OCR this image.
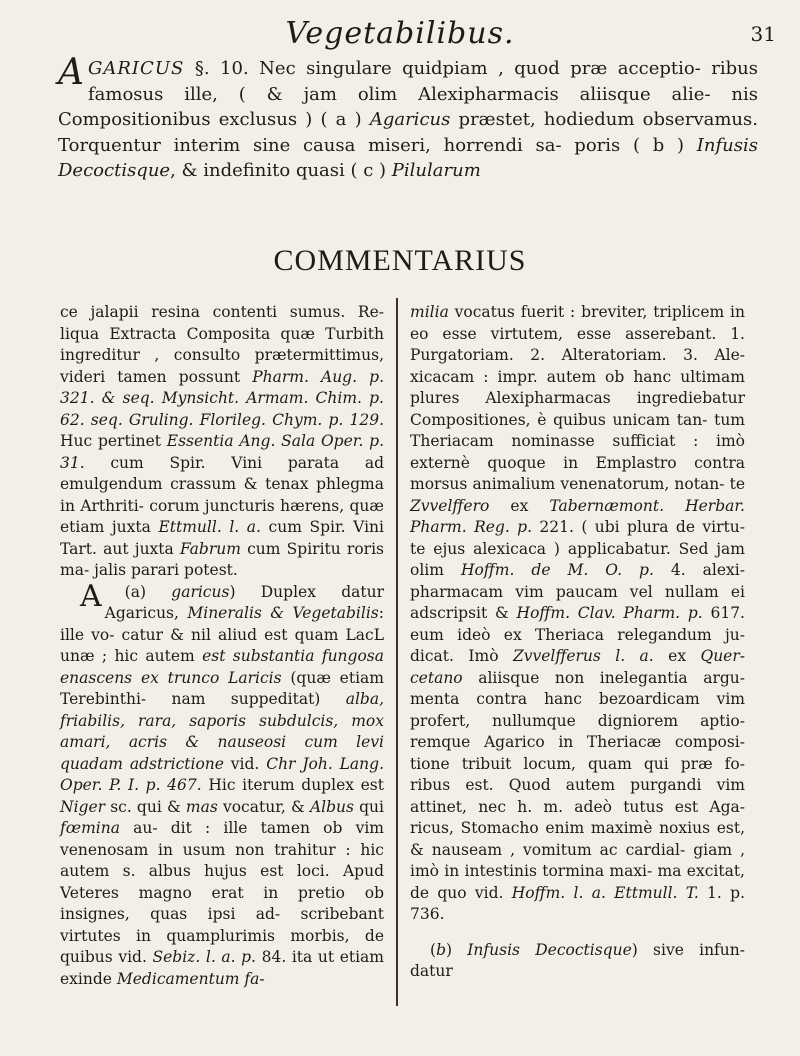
Vegetabilibus.	31
AGARICUS §. 10. Nec singulare quidpiam , quod præ acceptio- ribus famosus ille, ( & jam olim Alexipharmacis aliisque alie- nis Compositionibus exclusus ) ( a ) Agaricus præstet, hodiedum observamus. Torquentur interim sine causa miseri, horrendi sa- poris ( b ) Infusis Decoctisque, & indefinito quasi ( c ) Pilularum
COMMENTARIUS

ce jalapii resina contenti sumus. Re- liqua Extracta Composita quæ Turbith ingreditur , consulto prætermittimus, videri tamen possunt Pharm. Aug. p. 321. & seq. Mynsicht. Armam. Chim. p. 62. seq. Gruling. Florileg. Chym. p. 129. Huc pertinet Essentia Ang. Sala Oper. p. 31. cum Spir. Vini parata ad emulgendum crassum & tenax phlegma in Arthriti- corum juncturis hærens, quæ etiam juxta Ettmull. l. a. cum Spir. Vini Tart. aut juxta Fabrum cum Spiritu roris ma- jalis parari potest.

(a)
A	garicus) Duplex datur Agaricus, Mineralis & Vegetabilis: ille vo- catur & nil aliud est quam LacL unæ ; hic autem est substantia fungosa enascens ex trunco Laricis (quæ etiam Terebinthi- nam suppeditat) alba, friabilis, rara, saporis subdulcis, mox amari, acris & nauseosi cum levi quadam adstrictione vid. Chr Joh. Lang. Oper. P. I. p. 467. Hic iterum duplex est Niger sc. qui & mas vocatur, & Albus qui fœmina au- dit : ille tamen ob vim venenosam in usum non trahitur : hic autem s. albus hujus est loci. Apud Veteres magno erat in pretio ob insignes, quas ipsi ad- scribebant virtutes in quamplurimis morbis, de quibus vid. Sebiz. l. a. p. 84. ita ut etiam exinde Medicamentum fa-

milia vocatus fuerit : breviter, triplicem in eo esse virtutem, esse asserebant. 1. Purgatoriam. 2. Alteratoriam. 3. Ale- xicacam : impr. autem ob hanc ultimam plures Alexipharmacas ingrediebatur Compositiones, è quibus unicam tan- tum Theriacam nominasse sufficiat : imò externè quoque in Emplastro contra morsus animalium venenatorum, notan- te Zvvelffero ex Tabernæmont. Herbar. Pharm. Reg. p. 221. ( ubi plura de virtu- te ejus alexicaca ) applicabatur. Sed jam olim Hoffm. de M. O. p. 4. alexi- pharmacam vim paucam vel nullam ei adscripsit & Hoffm. Clav. Pharm. p. 617. eum ideò ex Theriaca relegandum ju- dicat. Imò Zvvelfferus l. a. ex Quer- cetano aliisque non inelegantia argu- menta contra hanc bezoardicam vim profert, nullumque digniorem aptio- remque Agarico in Theriacæ composi- tione tribuit locum, quam qui præ fo- ribus est. Quod autem purgandi vim attinet, nec h. m. adeò tutus est Aga- ricus, Stomacho enim maximè noxius est, & nauseam , vomitum ac cardial- giam , imò in intestinis tormina maxi- ma excitat, de quo vid. Hoffm. l. a. Ettmull. T. 1. p. 736.

(b) Infusis Decoctisque) sive infun- datur
